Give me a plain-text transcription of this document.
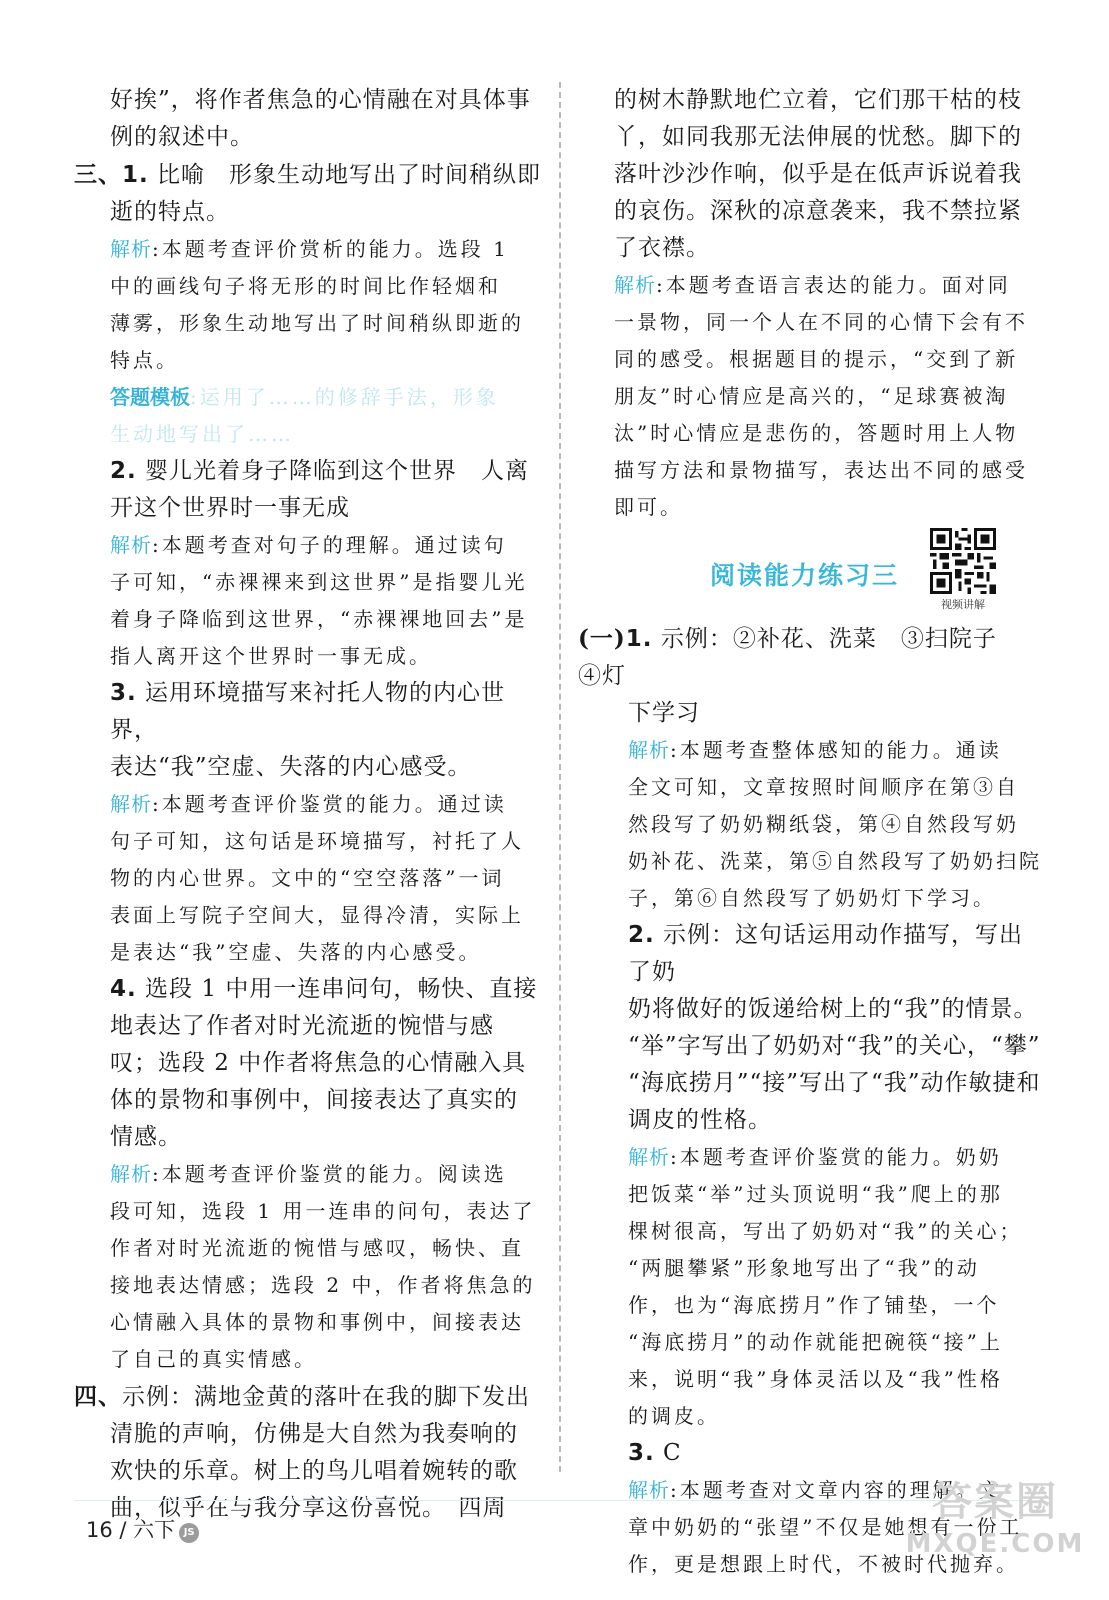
好挨”，将作者焦急的心情融在对具体事

例的叙述中。

三、1. 比喻　形象生动地写出了时间稍纵即

逝的特点。

解析:本题考查评价赏析的能力。选段 1

中的画线句子将无形的时间比作轻烟和

薄雾，形象生动地写出了时间稍纵即逝的

特点。

答题模板:运用了……的修辞手法，形象

生动地写出了……

2. 婴儿光着身子降临到这个世界　人离

开这个世界时一事无成

解析:本题考查对句子的理解。通过读句

子可知，“赤裸裸来到这世界”是指婴儿光

着身子降临到这世界，“赤裸裸地回去”是

指人离开这个世界时一事无成。

3. 运用环境描写来衬托人物的内心世界，

表达“我”空虚、失落的内心感受。

解析:本题考查评价鉴赏的能力。通过读

句子可知，这句话是环境描写，衬托了人

物的内心世界。文中的“空空落落”一词

表面上写院子空间大，显得冷清，实际上

是表达“我”空虚、失落的内心感受。

4. 选段 1 中用一连串问句，畅快、直接

地表达了作者对时光流逝的惋惜与感

叹；选段 2 中作者将焦急的心情融入具

体的景物和事例中，间接表达了真实的

情感。

解析:本题考查评价鉴赏的能力。阅读选

段可知，选段 1 用一连串的问句，表达了

作者对时光流逝的惋惜与感叹，畅快、直

接地表达情感；选段 2 中，作者将焦急的

心情融入具体的景物和事例中，间接表达

了自己的真实情感。

四、示例：满地金黄的落叶在我的脚下发出

清脆的声响，仿佛是大自然为我奏响的

欢快的乐章。树上的鸟儿唱着婉转的歌

曲，似乎在与我分享这份喜悦。　四周

的树木静默地伫立着，它们那干枯的枝

丫，如同我那无法伸展的忧愁。脚下的

落叶沙沙作响，似乎是在低声诉说着我

的哀伤。深秋的凉意袭来，我不禁拉紧

了衣襟。

解析:本题考查语言表达的能力。面对同

一景物，同一个人在不同的心情下会有不

同的感受。根据题目的提示，“交到了新

朋友”时心情应是高兴的，“足球赛被淘

汰”时心情应是悲伤的，答题时用上人物

描写方法和景物描写，表达出不同的感受

即可。

阅读能力练习三
视频讲解

(一)1. 示例：②补花、洗菜　③扫院子　④灯

下学习

解析:本题考查整体感知的能力。通读

全文可知，文章按照时间顺序在第③自

然段写了奶奶糊纸袋，第④自然段写奶

奶补花、洗菜，第⑤自然段写了奶奶扫院

子，第⑥自然段写了奶奶灯下学习。

2. 示例：这句话运用动作描写，写出了奶

奶将做好的饭递给树上的“我”的情景。

“举”字写出了奶奶对“我”的关心，“攀”

“海底捞月”“接”写出了“我”动作敏捷和

调皮的性格。

解析:本题考查评价鉴赏的能力。奶奶

把饭菜“举”过头顶说明“我”爬上的那

棵树很高，写出了奶奶对“我”的关心；

“两腿攀紧”形象地写出了“我”的动

作，也为“海底捞月”作了铺垫，一个

“海底捞月”的动作就能把碗筷“接”上

来，说明“我”身体灵活以及“我”性格

的调皮。

3. C

解析:本题考查对文章内容的理解。文

章中奶奶的“张望”不仅是她想有一份工

作，更是想跟上时代，不被时代抛弃。

16 / 六下 JS
答案圈
MXQE.COM
